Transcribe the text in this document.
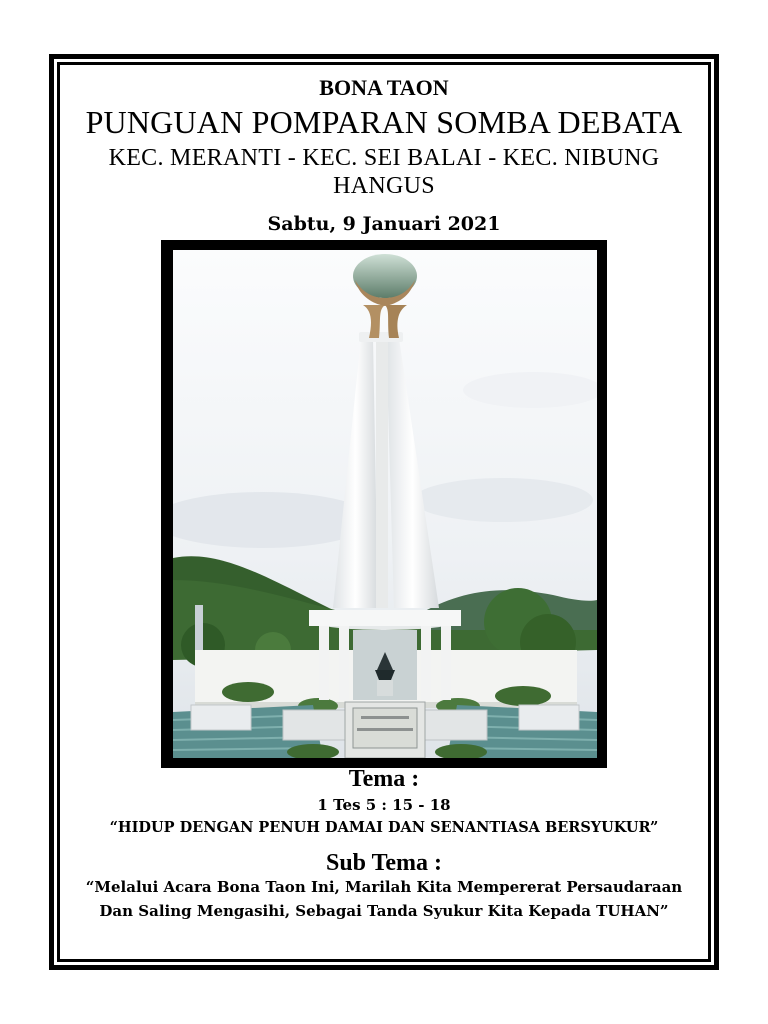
BONA TAON

PUNGUAN POMPARAN SOMBA DEBATA

KEC. MERANTI - KEC. SEI BALAI - KEC. NIBUNG HANGUS

Sabtu, 9 Januari 2021

Tema :

1 Tes 5 : 15 - 18

“HIDUP DENGAN PENUH DAMAI DAN SENANTIASA BERSYUKUR”

Sub Tema :

“Melalui Acara Bona Taon Ini, Marilah Kita Mempererat Persaudaraan Dan Saling Mengasihi, Sebagai Tanda Syukur Kita Kepada TUHAN”
